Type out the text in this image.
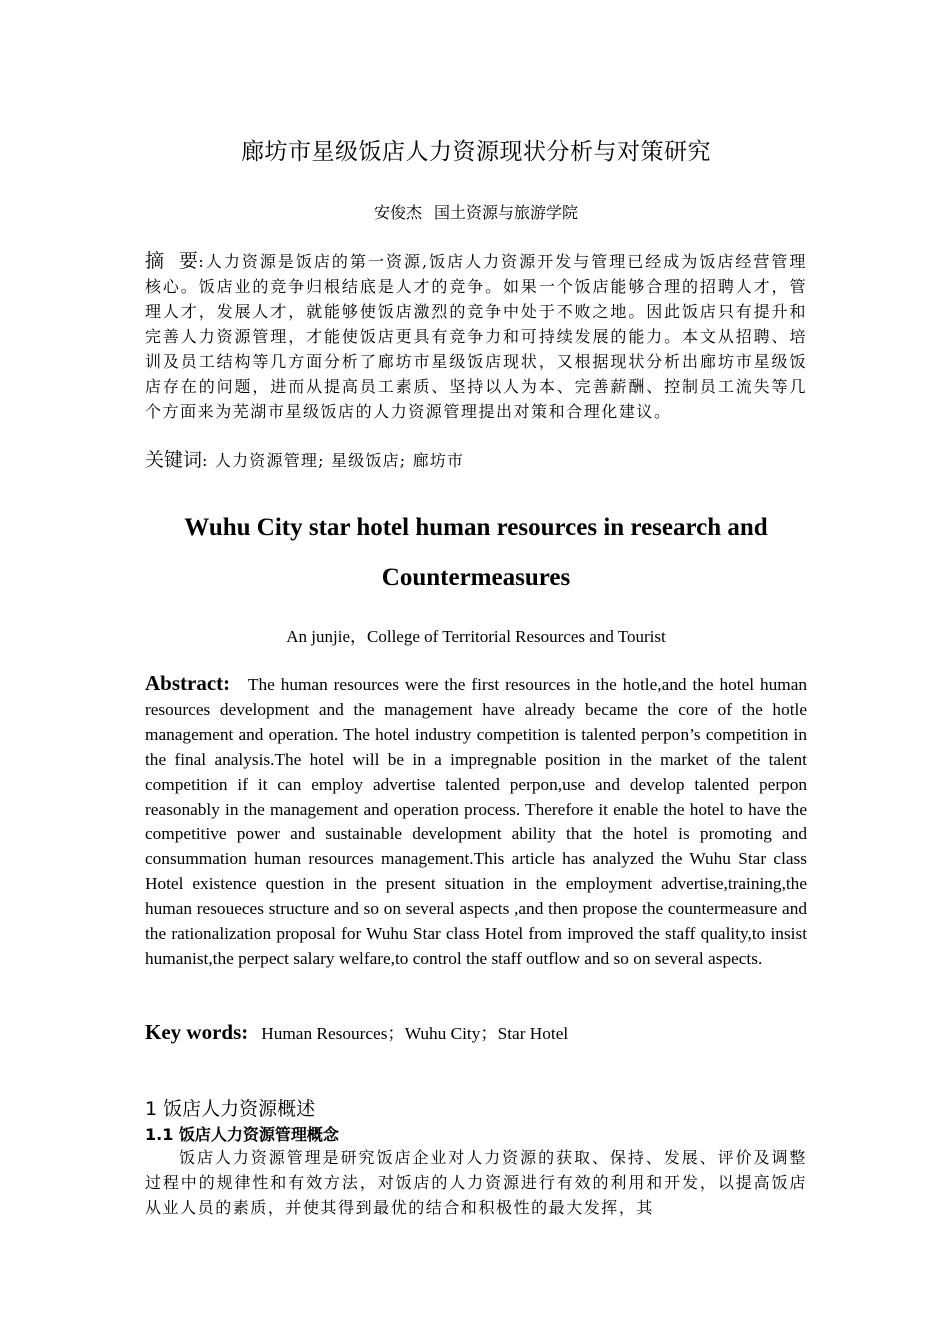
廊坊市星级饭店人力资源现状分析与对策研究
安俊杰 国土资源与旅游学院
摘 要:人力资源是饭店的第一资源,饭店人力资源开发与管理已经成为饭店经营管理核心。饭店业的竞争归根结底是人才的竞争。如果一个饭店能够合理的招聘人才，管理人才，发展人才，就能够使饭店激烈的竞争中处于不败之地。因此饭店只有提升和完善人力资源管理，才能使饭店更具有竞争力和可持续发展的能力。本文从招聘、培训及员工结构等几方面分析了廊坊市星级饭店现状，又根据现状分析出廊坊市星级饭店存在的问题，进而从提高员工素质、坚持以人为本、完善薪酬、控制员工流失等几个方面来为芜湖市星级饭店的人力资源管理提出对策和合理化建议。
关键词: 人力资源管理; 星级饭店; 廊坊市
Wuhu City star hotel human resources in research and
Countermeasures
An junjie，College of Territorial Resources and Tourist
Abstract: The human resources were the first resources in the hotle,and the hotel human resources development and the management have already became the core of the hotle management and operation. The hotel industry competition is talented perpon’s competition in the final analysis.The hotel will be in a impregnable position in the market of the talent competition if it can employ advertise talented perpon,use and develop talented perpon reasonably in the management and operation process. Therefore it enable the hotel to have the competitive power and sustainable development ability that the hotel is promoting and consummation human resources management.This article has analyzed the Wuhu Star class Hotel existence question in the present situation in the employment advertise,training,the human resoueces structure and so on several aspects ,and then propose the countermeasure and the rationalization proposal for Wuhu Star class Hotel from improved the staff quality,to insist humanist,the perpect salary welfare,to control the staff outflow and so on several aspects.
Key words: Human Resources；Wuhu City；Star Hotel
1 饭店人力资源概述
1.1 饭店人力资源管理概念
饭店人力资源管理是研究饭店企业对人力资源的获取、保持、发展、评价及调整过程中的规律性和有效方法，对饭店的人力资源进行有效的利用和开发，以提高饭店从业人员的素质，并使其得到最优的结合和积极性的最大发挥，其
